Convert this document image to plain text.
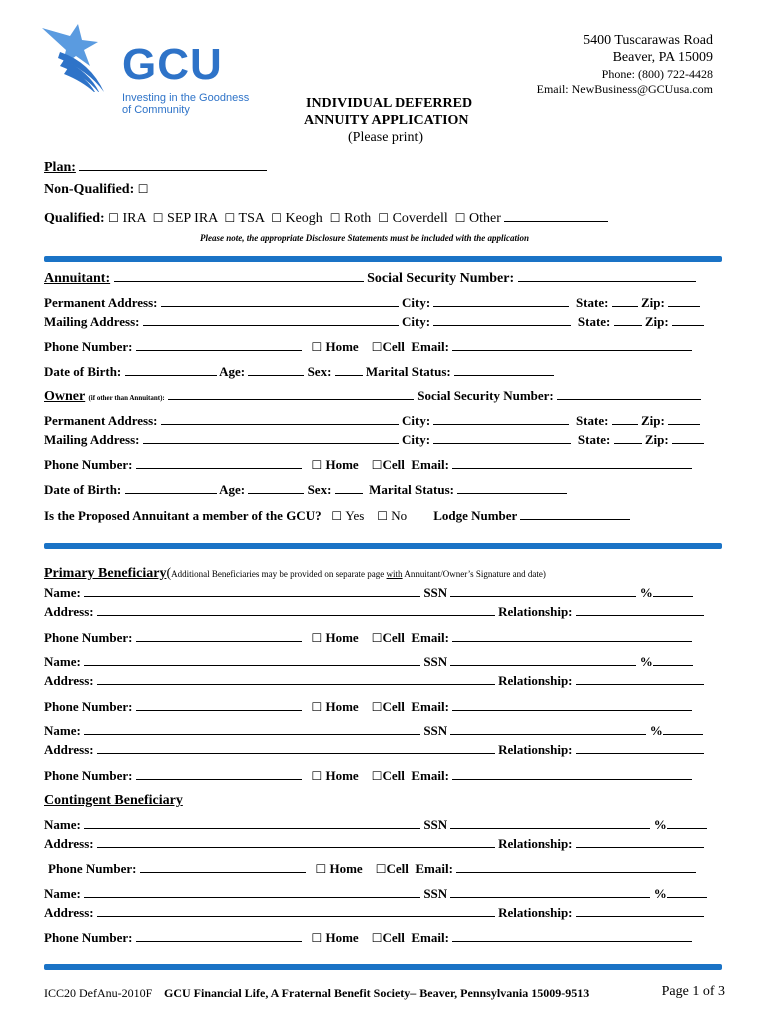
GCU
Investing in the Goodness
of Community
5400 Tuscarawas Road
Beaver, PA 15009
Phone: (800) 722-4428
Email: NewBusiness@GCUusa.com
INDIVIDUAL DEFERRED
ANNUITY APPLICATION
(Please print)
Plan:
Non-Qualified: ☐
Qualified: ☐ IRA ☐ SEP IRA ☐ TSA ☐ Keogh ☐ Roth ☐ Coverdell ☐ Other
Please note, the appropriate Disclosure Statements must be included with the application
Annuitant:	Social Security Number:
Permanent Address:	City:	State:	Zip:
Mailing Address:	City:	State:	Zip:
Phone Number:	☐ Home ☐Cell Email:
Date of Birth:	Age:	Sex:	Marital Status:
Owner (if other than Annuitant):	Social Security Number:
Permanent Address:	City:	State:	Zip:
Mailing Address:	City:	State:	Zip:
Phone Number:	☐ Home ☐Cell Email:
Date of Birth:	Age:	Sex:	Marital Status:
Is the Proposed Annuitant a member of the GCU? ☐ Yes ☐ No Lodge Number
Primary Beneficiary(Additional Beneficiaries may be provided on separate page with Annuitant/Owner’s Signature and date)
Name:	SSN	%
Address:	Relationship:
Phone Number:	☐ Home ☐Cell Email:
Name:	SSN	%
Address:	Relationship:
Phone Number:	☐ Home ☐Cell Email:
Name:	SSN	%
Address:	Relationship:
Phone Number:	☐ Home ☐Cell Email:
Contingent Beneficiary
Name:	SSN	%
Address:	Relationship:
Phone Number:	☐ Home ☐Cell Email:
Name:	SSN	%
Address:	Relationship:
Phone Number:	☐ Home ☐Cell Email:
ICC20 DefAnu-2010F GCU Financial Life, A Fraternal Benefit Society– Beaver, Pennsylvania 15009-9513	Page 1 of 3
